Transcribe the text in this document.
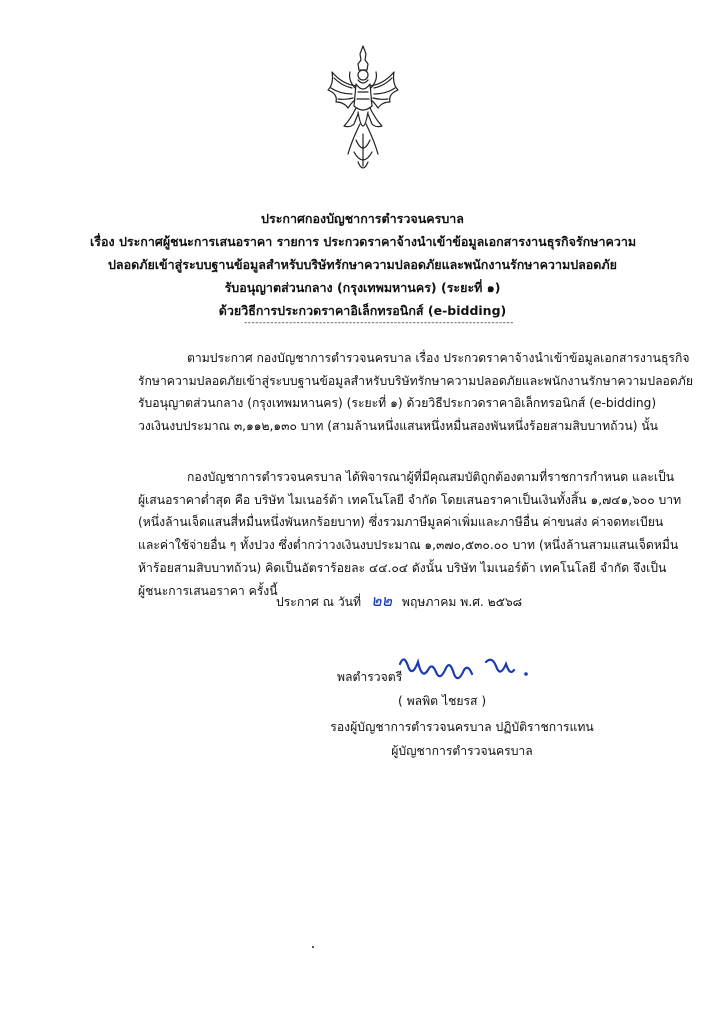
ประกาศกองบัญชาการตำรวจนครบาล
เรื่อง ประกาศผู้ชนะการเสนอราคา รายการ ประกวดราคาจ้างนำเข้าข้อมูลเอกสารงานธุรกิจรักษาความ
ปลอดภัยเข้าสู่ระบบฐานข้อมูลสำหรับบริษัทรักษาความปลอดภัยและพนักงานรักษาความปลอดภัย
รับอนุญาตส่วนกลาง (กรุงเทพมหานคร) (ระยะที่ ๑)
ด้วยวิธีการประกวดราคาอิเล็กทรอนิกส์ (e-bidding)
------------------------------------------------------------------------
ตามประกาศ กองบัญชาการตำรวจนครบาล เรื่อง ประกวดราคาจ้างนำเข้าข้อมูลเอกสารงานธุรกิจ
รักษาความปลอดภัยเข้าสู่ระบบฐานข้อมูลสำหรับบริษัทรักษาความปลอดภัยและพนักงานรักษาความปลอดภัย
รับอนุญาตส่วนกลาง (กรุงเทพมหานคร) (ระยะที่ ๑) ด้วยวิธีประกวดราคาอิเล็กทรอนิกส์ (e-bidding)
วงเงินงบประมาณ ๓,๑๑๒,๑๓๐ บาท (สามล้านหนึ่งแสนหนึ่งหมื่นสองพันหนึ่งร้อยสามสิบบาทถ้วน) นั้น
กองบัญชาการตำรวจนครบาล ได้พิจารณาผู้ที่มีคุณสมบัติถูกต้องตามที่ราชการกำหนด และเป็น
ผู้เสนอราคาต่ำสุด คือ บริษัท ไมเนอร์ต้า เทคโนโลยี จำกัด โดยเสนอราคาเป็นเงินทั้งสิ้น ๑,๗๔๑,๖๐๐ บาท
(หนึ่งล้านเจ็ดแสนสี่หมื่นหนึ่งพันหกร้อยบาท) ซึ่งรวมภาษีมูลค่าเพิ่มและภาษีอื่น ค่าขนส่ง ค่าจดทะเบียน
และค่าใช้จ่ายอื่น ๆ ทั้งปวง ซึ่งต่ำกว่าวงเงินงบประมาณ ๑,๓๗๐,๕๓๐.๐๐ บาท (หนึ่งล้านสามแสนเจ็ดหมื่น
ห้าร้อยสามสิบบาทถ้วน) คิดเป็นอัตราร้อยละ ๔๔.๐๔ ดังนั้น บริษัท ไมเนอร์ต้า เทคโนโลยี จำกัด จึงเป็น
ผู้ชนะการเสนอราคา ครั้งนี้
ประกาศ ณ วันที่ ๒๒ พฤษภาคม พ.ศ. ๒๕๖๘
พลตำรวจตรี
( พลพิต ไชยรส )
รองผู้บัญชาการตำรวจนครบาล ปฏิบัติราชการแทน
ผู้บัญชาการตำรวจนครบาล
